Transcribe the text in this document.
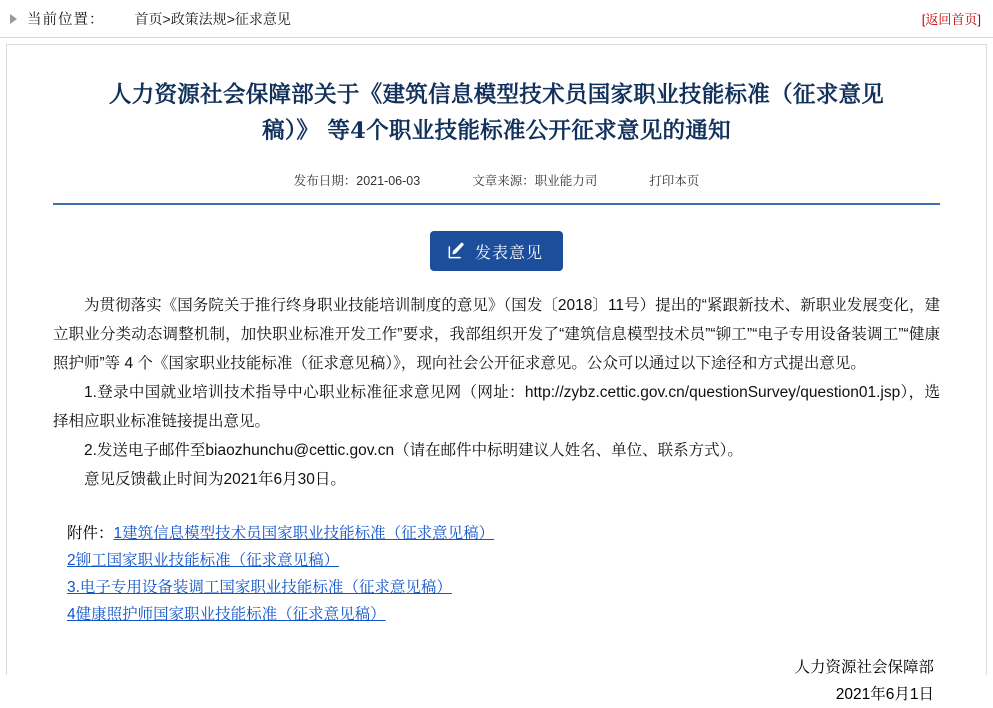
当前位置： 首页>政策法规>征求意见	[返回首页]
人力资源社会保障部关于《建筑信息模型技术员国家职业技能标准（征求意见稿）》 等4个职业技能标准公开征求意见的通知
发布日期：2021-06-03	文章来源：职业能力司	打印本页
发表意见

为贯彻落实《国务院关于推行终身职业技能培训制度的意见》（国发〔2018〕11号）提出的“紧跟新技术、新职业发展变化，建立职业分类动态调整机制，加快职业标准开发工作”要求，我部组织开发了“建筑信息模型技术员”“铆工”“电子专用设备装调工”“健康照护师”等 4 个《国家职业技能标准（征求意见稿）》，现向社会公开征求意见。公众可以通过以下途径和方式提出意见。

1.登录中国就业培训技术指导中心职业标准征求意见网（网址：http://zybz.cettic.gov.cn/questionSurvey/question01.jsp），选择相应职业标准链接提出意见。

2.发送电子邮件至biaozhunchu@cettic.gov.cn（请在邮件中标明建议人姓名、单位、联系方式）。

意见反馈截止时间为2021年6月30日。

附件：1建筑信息模型技术员国家职业技能标准（征求意见稿）
2铆工国家职业技能标准（征求意见稿）
3.电子专用设备装调工国家职业技能标准（征求意见稿）
4健康照护师国家职业技能标准（征求意见稿）
人力资源社会保障部
2021年6月1日
